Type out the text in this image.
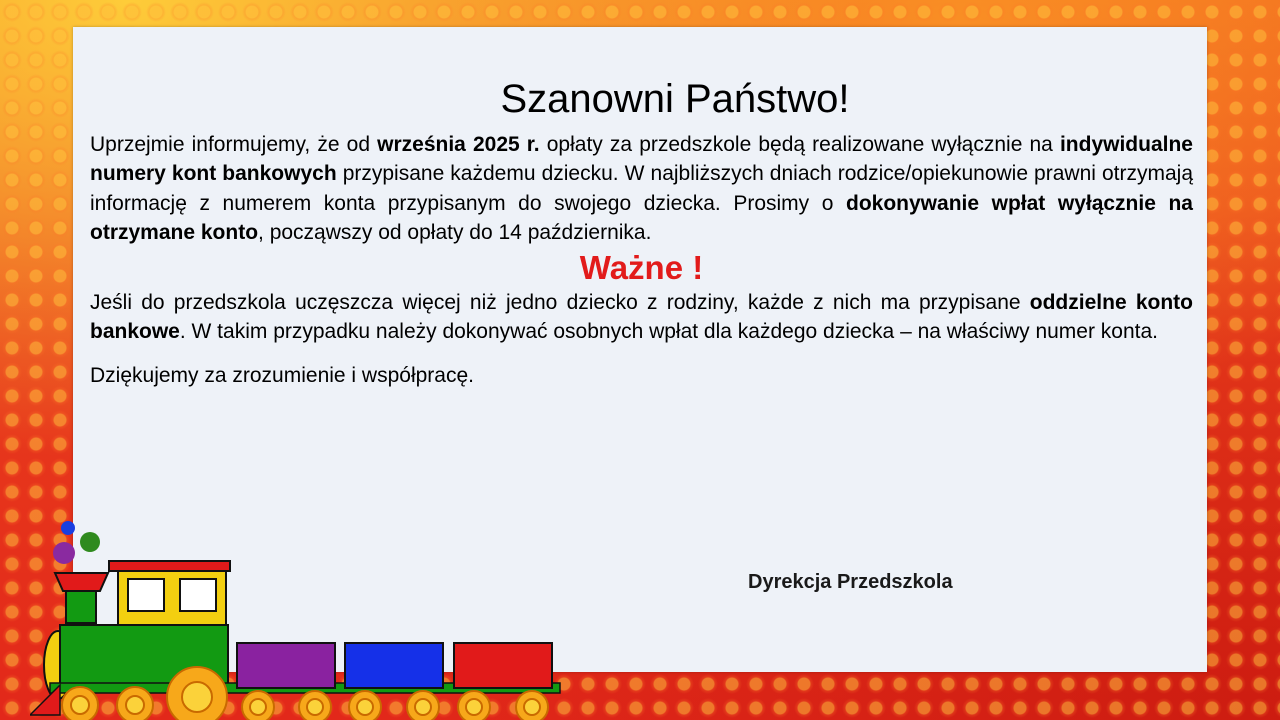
Szanowni Państwo!

Uprzejmie informujemy, że od września 2025 r. opłaty za przedszkole będą realizowane wyłącznie na indywidualne numery kont bankowych przypisane każdemu dziecku. W najbliższych dniach rodzice/opiekunowie prawni otrzymają informację z numerem konta przypisanym do swojego dziecka. Prosimy o dokonywanie wpłat wyłącznie na otrzymane konto, począwszy od opłaty do 14 października.

Ważne !

Jeśli do przedszkola uczęszcza więcej niż jedno dziecko z rodziny, każde z nich ma przypisane oddzielne konto bankowe. W takim przypadku należy dokonywać osobnych wpłat dla każdego dziecka – na właściwy numer konta.

Dziękujemy za zrozumienie i współpracę.

Dyrekcja Przedszkola
